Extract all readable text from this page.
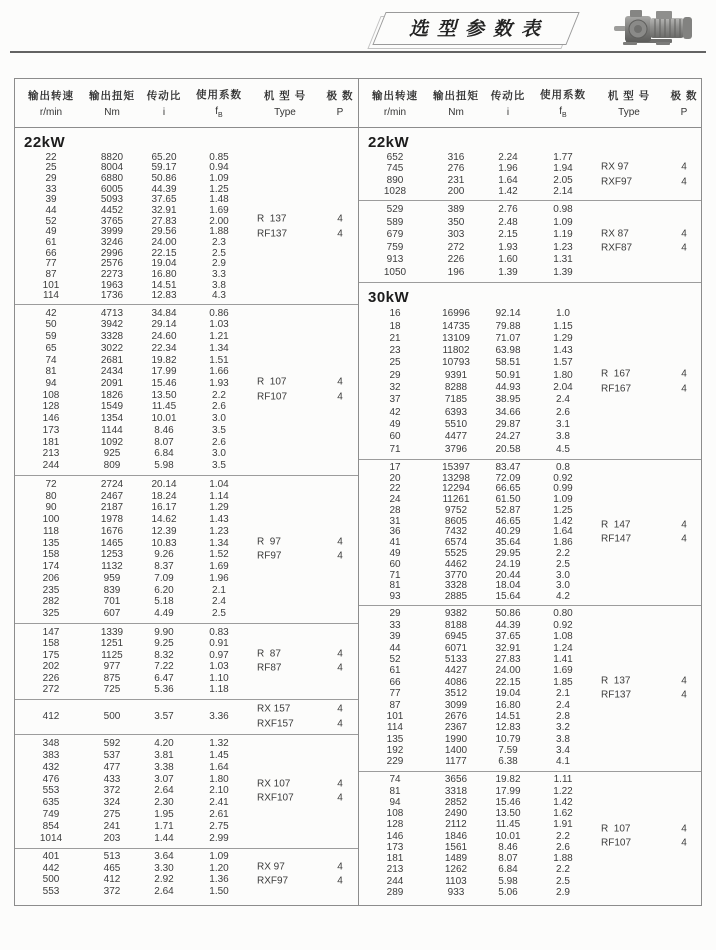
选型参数表
输出转速
r/min
输出扭矩
Nm
传动比
i
使用系数
$f_B$
机 型 号
Type
极 数
P
输出转速
r/min
输出扭矩
Nm
传动比
i
使用系数
$f_B$
机 型 号
Type
极 数
P
22kW
22	8820	65.20	0.85
25	8004	59.17	0.94
29	6880	50.86	1.09
33	6005	44.39	1.25
39	5093	37.65	1.48
44	4452	32.91	1.69
52	3765	27.83	2.00
49	3999	29.56	1.88
61	3246	24.00	2.3
66	2996	22.15	2.5
77	2576	19.04	2.9
87	2273	16.80	3.3
101	1963	14.51	3.8
114	1736	12.83	4.3
R  137	4
RF137	4
42	4713	34.84	0.86
50	3942	29.14	1.03
59	3328	24.60	1.21
65	3022	22.34	1.34
74	2681	19.82	1.51
81	2434	17.99	1.66
94	2091	15.46	1.93
108	1826	13.50	2.2
128	1549	11.45	2.6
146	1354	10.01	3.0
173	1144	8.46	3.5
181	1092	8.07	2.6
213	925	6.84	3.0
244	809	5.98	3.5
R  107	4
RF107	4
72	2724	20.14	1.04
80	2467	18.24	1.14
90	2187	16.17	1.29
100	1978	14.62	1.43
118	1676	12.39	1.23
135	1465	10.83	1.34
158	1253	9.26	1.52
174	1132	8.37	1.69
206	959	7.09	1.96
235	839	6.20	2.1
282	701	5.18	2.4
325	607	4.49	2.5
R  97	4
RF97	4
147	1339	9.90	0.83
158	1251	9.25	0.91
175	1125	8.32	0.97
202	977	7.22	1.03
226	875	6.47	1.10
272	725	5.36	1.18
R  87	4
RF87	4
412	500	3.57	3.36
RX 157	4
RXF157	4
348	592	4.20	1.32
383	537	3.81	1.45
432	477	3.38	1.64
476	433	3.07	1.80
553	372	2.64	2.10
635	324	2.30	2.41
749	275	1.95	2.61
854	241	1.71	2.75
1014	203	1.44	2.99
RX 107	4
RXF107	4
401	513	3.64	1.09
442	465	3.30	1.20
500	412	2.92	1.36
553	372	2.64	1.50
RX 97	4
RXF97	4
22kW
652	316	2.24	1.77
745	276	1.96	1.94
890	231	1.64	2.05
1028	200	1.42	2.14
RX 97	4
RXF97	4
529	389	2.76	0.98
589	350	2.48	1.09
679	303	2.15	1.19
759	272	1.93	1.23
913	226	1.60	1.31
1050	196	1.39	1.39
RX 87	4
RXF87	4
30kW
16	16996	92.14	1.0
18	14735	79.88	1.15
21	13109	71.07	1.29
23	11802	63.98	1.43
25	10793	58.51	1.57
29	9391	50.91	1.80
32	8288	44.93	2.04
37	7185	38.95	2.4
42	6393	34.66	2.6
49	5510	29.87	3.1
60	4477	24.27	3.8
71	3796	20.58	4.5
R  167	4
RF167	4
17	15397	83.47	0.8
20	13298	72.09	0.92
22	12294	66.65	0.99
24	11261	61.50	1.09
28	9752	52.87	1.25
31	8605	46.65	1.42
36	7432	40.29	1.64
41	6574	35.64	1.86
49	5525	29.95	2.2
60	4462	24.19	2.5
71	3770	20.44	3.0
81	3328	18.04	3.0
93	2885	15.64	4.2
R  147	4
RF147	4
29	9382	50.86	0.80
33	8188	44.39	0.92
39	6945	37.65	1.08
44	6071	32.91	1.24
52	5133	27.83	1.41
61	4427	24.00	1.69
66	4086	22.15	1.85
77	3512	19.04	2.1
87	3099	16.80	2.4
101	2676	14.51	2.8
114	2367	12.83	3.2
135	1990	10.79	3.8
192	1400	7.59	3.4
229	1177	6.38	4.1
R  137	4
RF137	4
74	3656	19.82	1.11
81	3318	17.99	1.22
94	2852	15.46	1.42
108	2490	13.50	1.62
128	2112	11.45	1.91
146	1846	10.01	2.2
173	1561	8.46	2.6
181	1489	8.07	1.88
213	1262	6.84	2.2
244	1103	5.98	2.5
289	933	5.06	2.9
R  107	4
RF107	4
